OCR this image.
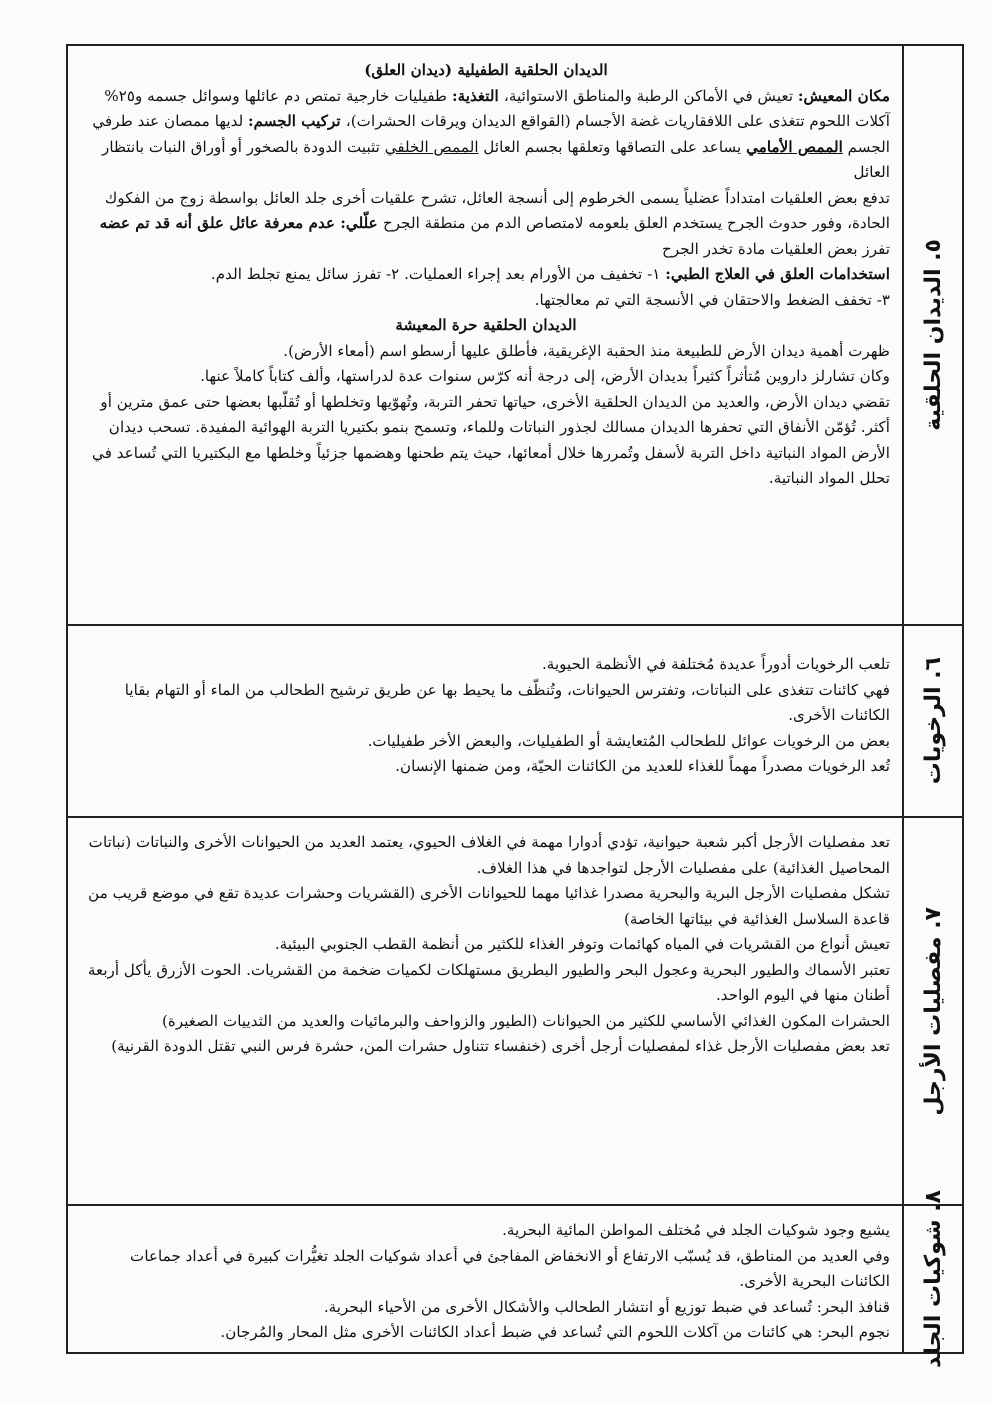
٥. الديدان الحلقية

الديدان الحلقية الطفيلية (ديدان العلق)

مكان المعيش: تعيش في الأماكن الرطبة والمناطق الاستوائية، التغذية: طفيليات خارجية تمتص دم عائلها وسوائل جسمه و٢٥% آكلات اللحوم تتغذى على اللافقاريات غضة الأجسام (القواقع الديدان ويرقات الحشرات)، تركيب الجسم: لديها ممصان عند طرفي الجسم الممص الأمامي يساعد على التصاقها وتعلقها بجسم العائل الممص الخلفي تثبيت الدودة بالصخور أو أوراق النبات بانتظار العائل

تدفع بعض العلقيات امتداداً عضلياً يسمى الخرطوم إلى أنسجة العائل، تشرح علقيات أخرى جلد العائل بواسطة زوج من الفكوك الحادة، وفور حدوث الجرح يستخدم العلق بلعومه لامتصاص الدم من منطقة الجرح علّلي: عدم معرفة عائل علق أنه قد تم عضه تفرز بعض العلقيات مادة تخدر الجرح

استخدامات العلق في العلاج الطبي: ١- تخفيف من الأورام بعد إجراء العمليات. ٢- تفرز سائل يمنع تجلط الدم.

٣- تخفف الضغط والاحتقان في الأنسجة التي تم معالجتها.

الديدان الحلقية حرة المعيشة

ظهرت أهمية ديدان الأرض للطبيعة منذ الحقبة الإغريقية، فأطلق عليها أرسطو اسم (أمعاء الأرض).

وكان تشارلز داروين مُتأثراً كثيراً بديدان الأرض، إلى درجة أنه كرّس سنوات عدة لدراستها، وألف كتاباً كاملاً عنها.

تقضي ديدان الأرض، والعديد من الديدان الحلقية الأخرى، حياتها تحفر التربة، وتُهوّيها وتخلطها أو تُقلّبها بعضها حتى عمق مترين أو أكثر. تُؤمّن الأنفاق التي تحفرها الديدان مسالك لجذور النباتات وللماء، وتسمح بنمو بكتيريا التربة الهوائية المفيدة. تسحب ديدان الأرض المواد النباتية داخل التربة لأسفل وتُمررها خلال أمعائها، حيث يتم طحنها وهضمها جزئياً وخلطها مع البكتيريا التي تُساعد في تحلل المواد النباتية.

٦. الرخويات

تلعب الرخويات أدوراً عديدة مُختلفة في الأنظمة الحيوية.

فهي كائنات تتغذى على النباتات، وتفترس الحيوانات، وتُنظّف ما يحيط بها عن طريق ترشيح الطحالب من الماء أو التهام بقايا الكائنات الأخرى.

بعض من الرخويات عوائل للطحالب المُتعايشة أو الطفيليات، والبعض الأخر طفيليات.

تُعد الرخويات مصدراً مهماً للغذاء للعديد من الكائنات الحيّة، ومن ضمنها الإنسان.

٧. مفصليات الأرجل

تعد مفصليات الأرجل أكبر شعبة حيوانية، تؤدي أدوارا مهمة في الغلاف الحيوي، يعتمد العديد من الحيوانات الأخرى والنباتات (نباتات المحاصيل الغذائية) على مفصليات الأرجل لتواجدها في هذا الغلاف.

تشكل مفصليات الأرجل البرية والبحرية مصدرا غذائيا مهما للحيوانات الأخرى (القشريات وحشرات عديدة تقع في موضع قريب من قاعدة السلاسل الغذائية في بيئاتها الخاصة)

تعيش أنواع من القشريات في المياه كهائمات وتوفر الغذاء للكثير من أنظمة القطب الجنوبي البيئية.

تعتبر الأسماك والطيور البحرية وعجول البحر والطيور البطريق مستهلكات لكميات ضخمة من القشريات. الحوت الأزرق يأكل أربعة أطنان منها في اليوم الواحد.

الحشرات المكون الغذائي الأساسي للكثير من الحيوانات (الطيور والزواحف والبرمائيات والعديد من الثدييات الصغيرة)

تعد بعض مفصليات الأرجل غذاء لمفصليات أرجل أخرى (خنفساء تتناول حشرات المن، حشرة فرس النبي تقتل الدودة القرنية)

٨. شوكيات الجلد

يشيع وجود شوكيات الجلد في مُختلف المواطن المائية البحرية.

وفي العديد من المناطق، قد يُسبّب الارتفاع أو الانخفاض المفاجئ في أعداد شوكيات الجلد تغيُّرات كبيرة في أعداد جماعات الكائنات البحرية الأخرى.

قنافذ البحر: تُساعد في ضبط توزيع أو انتشار الطحالب والأشكال الأخرى من الأحياء البحرية.

نجوم البحر: هي كائنات من آكلات اللحوم التي تُساعد في ضبط أعداد الكائنات الأخرى مثل المحار والمُرجان.
